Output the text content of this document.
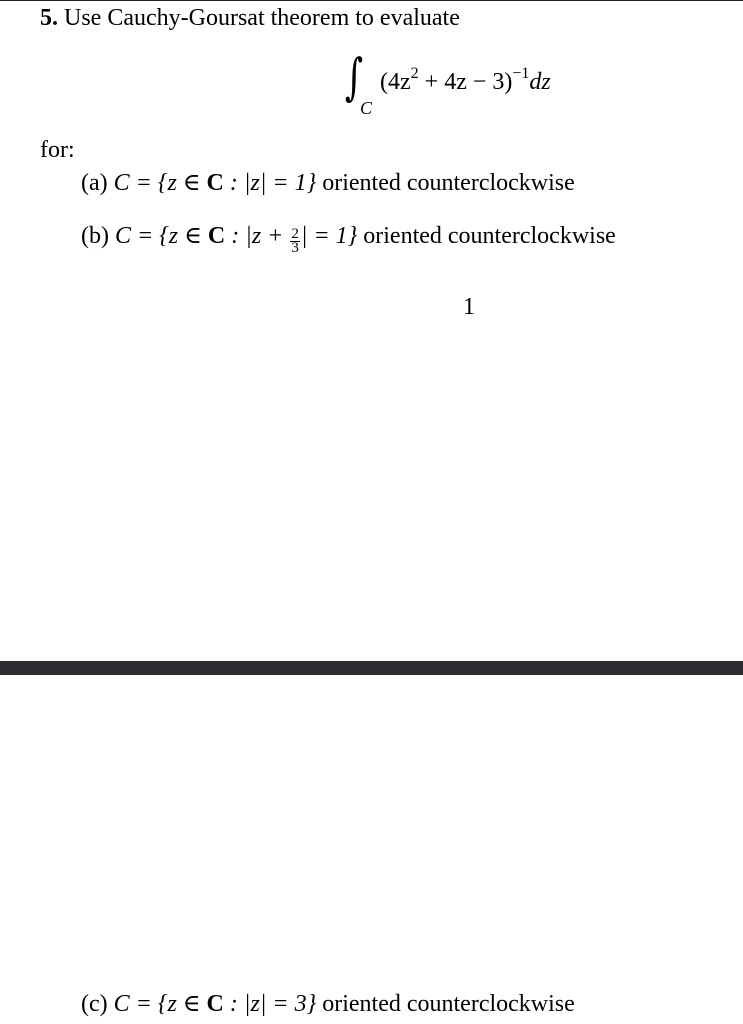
5. Use Cauchy-Goursat theorem to evaluate
∫
C
$(4z^2 + 4z - 3)^{-1}dz$
for:
(a) C = {z ∈ C : |z| = 1} oriented counterclockwise
(b) C = {z ∈ C : $|z + \frac{2}{3}$ | = 1} oriented counterclockwise
1
(c) C = {z ∈ C : |z| = 3} oriented counterclockwise
